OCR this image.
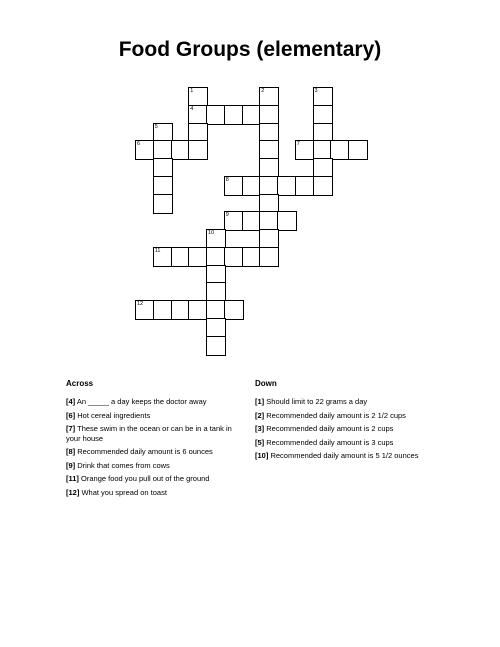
Food Groups (elementary)
1	2	3
4
5
6	7
8
9
10
11
12
Across
[4] An _____ a day keeps the doctor away
[6] Hot cereal ingredients
[7] These swim in the ocean or can be in a tank in your house
[8] Recommended daily amount is 6 ounces
[9] Drink that comes from cows
[11] Orange food you pull out of the ground
[12] What you spread on toast
Down
[1] Should limit to 22 grams a day
[2] Recommended daily amount is 2 1/2 cups
[3] Recommended daily amount is 2 cups
[5] Recommended daily amount is 3 cups
[10] Recommended daily amount is 5 1/2 ounces
